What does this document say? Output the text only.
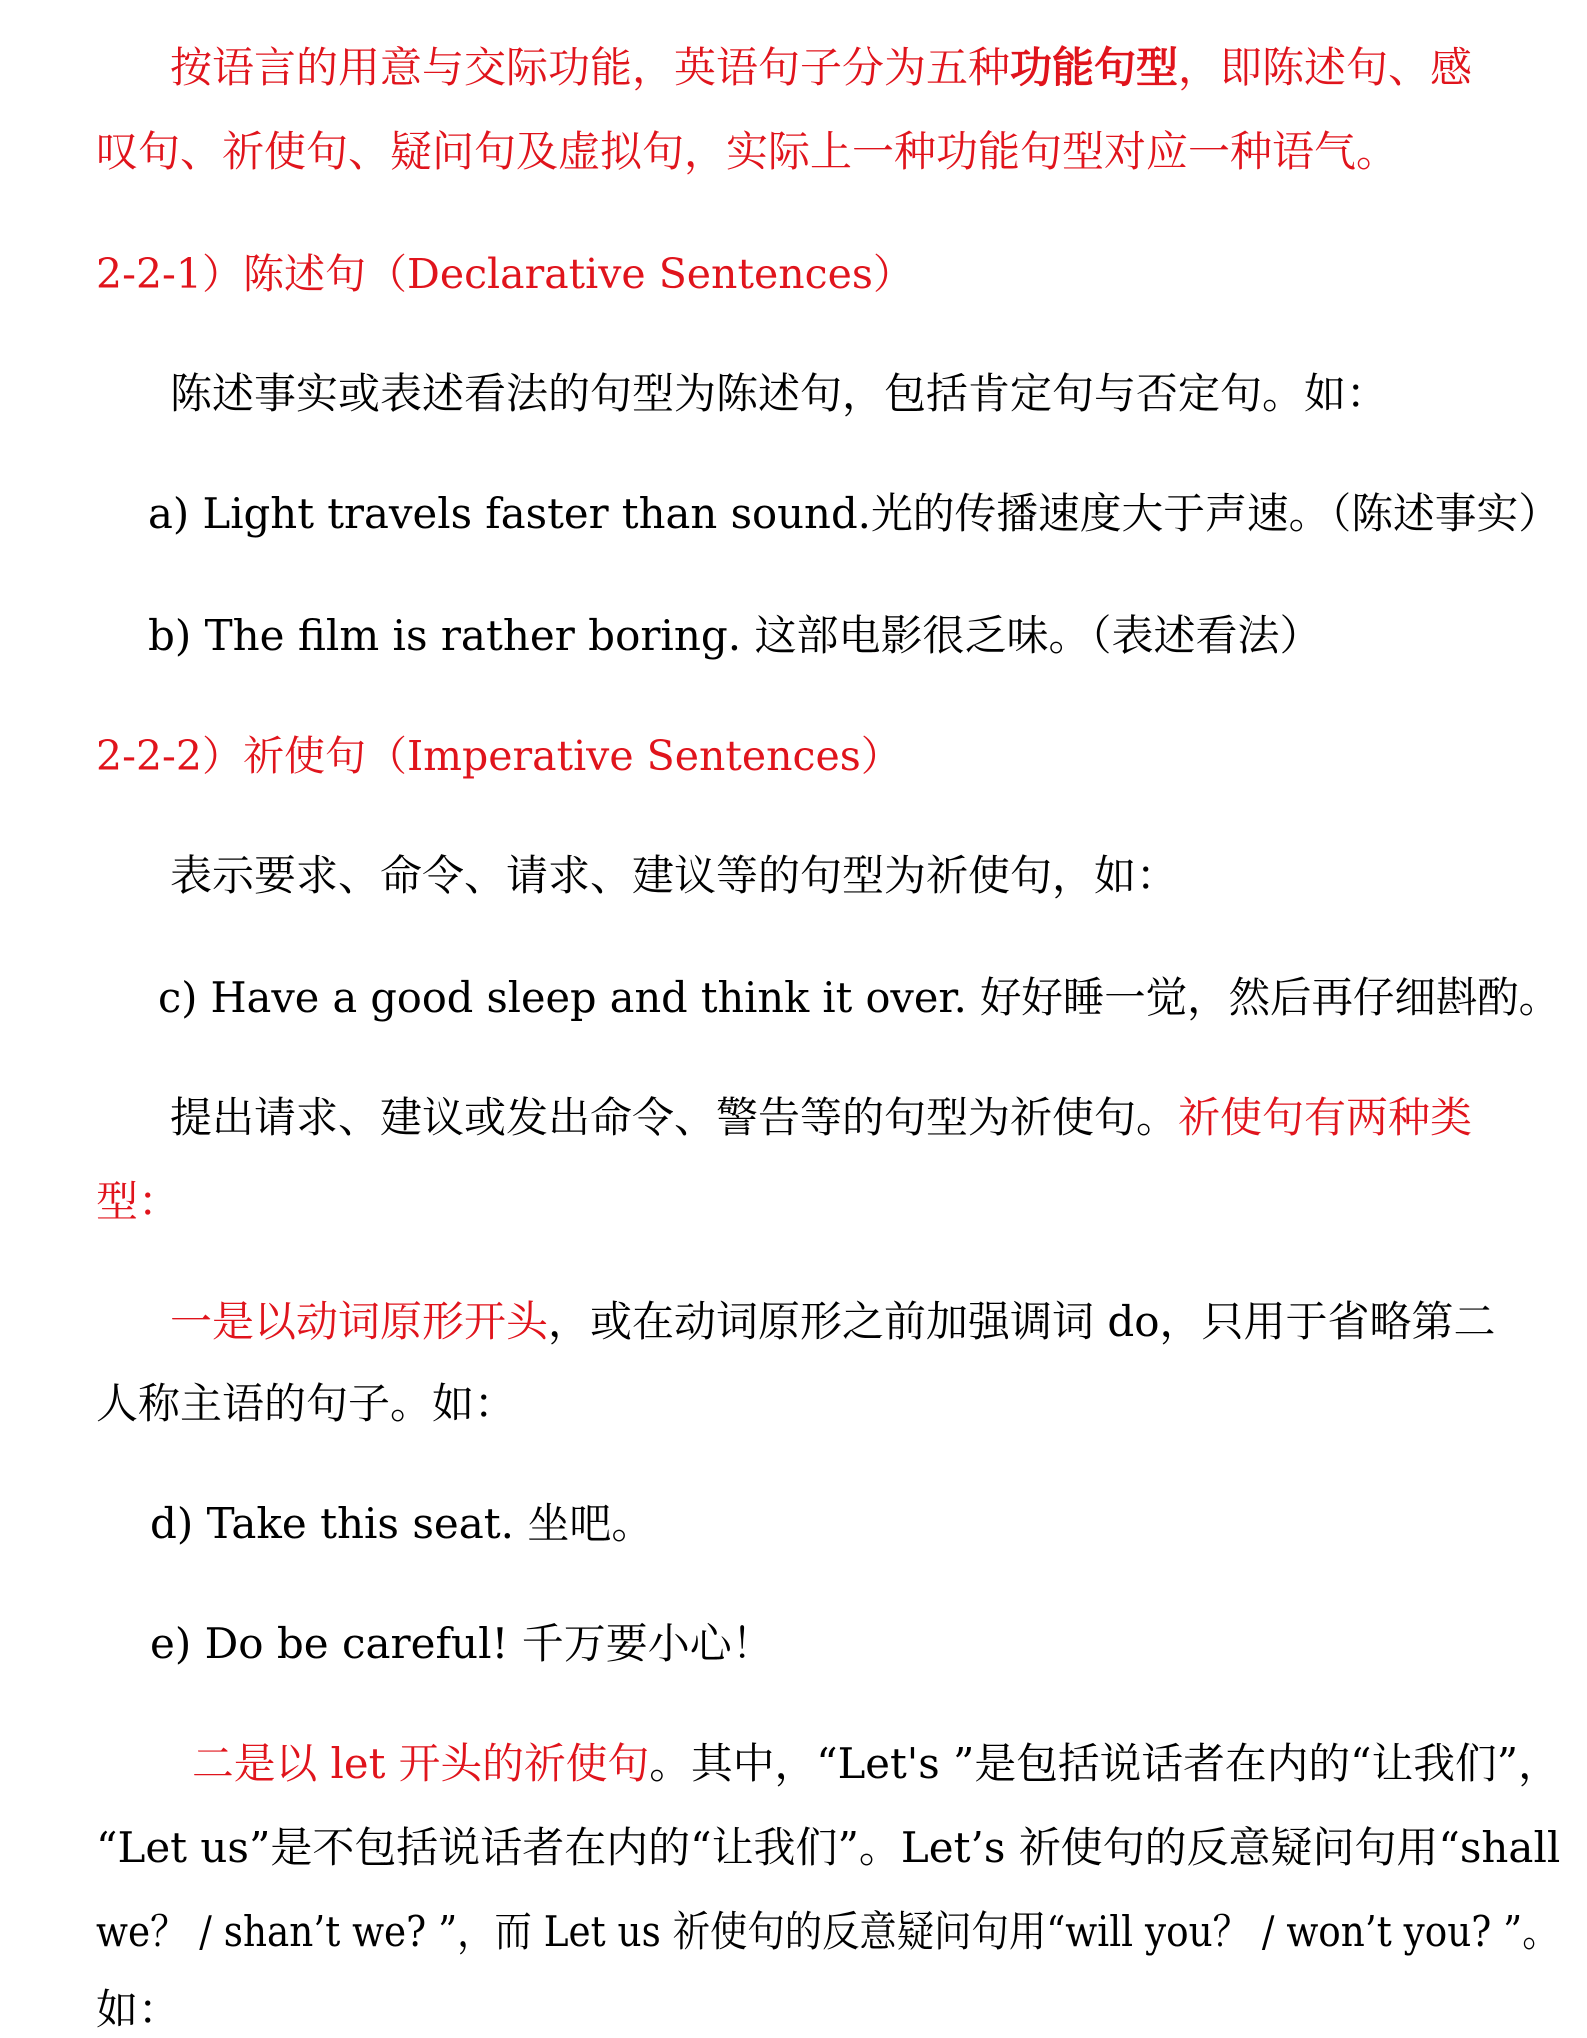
按语言的用意与交际功能，英语句子分为五种功能句型，即陈述句、感
叹句、祈使句、疑问句及虚拟句，实际上一种功能句型对应一种语气。
2-2-1）陈述句（Declarative Sentences）
陈述事实或表述看法的句型为陈述句，包括肯定句与否定句。如：
a) Light travels faster than sound.光的传播速度大于声速。（陈述事实）
b) The film is rather boring. 这部电影很乏味。（表述看法）
2-2-2）祈使句（Imperative Sentences）
表示要求、命令、请求、建议等的句型为祈使句，如：
c) Have a good sleep and think it over. 好好睡一觉，然后再仔细斟酌。
提出请求、建议或发出命令、警告等的句型为祈使句。祈使句有两种类
型：
一是以动词原形开头，或在动词原形之前加强调词 do，只用于省略第二
人称主语的句子。如：
d) Take this seat. 坐吧。
e) Do be careful! 千万要小心！
二是以 let 开头的祈使句。其中，“Let's ”是包括说话者在内的“让我们”，
“Let us”是不包括说话者在内的“让我们”。Let’s 祈使句的反意疑问句用“shall
we？ / shan’t we? ”，而 Let us 祈使句的反意疑问句用“will you？ / won’t you? ”。
如：
